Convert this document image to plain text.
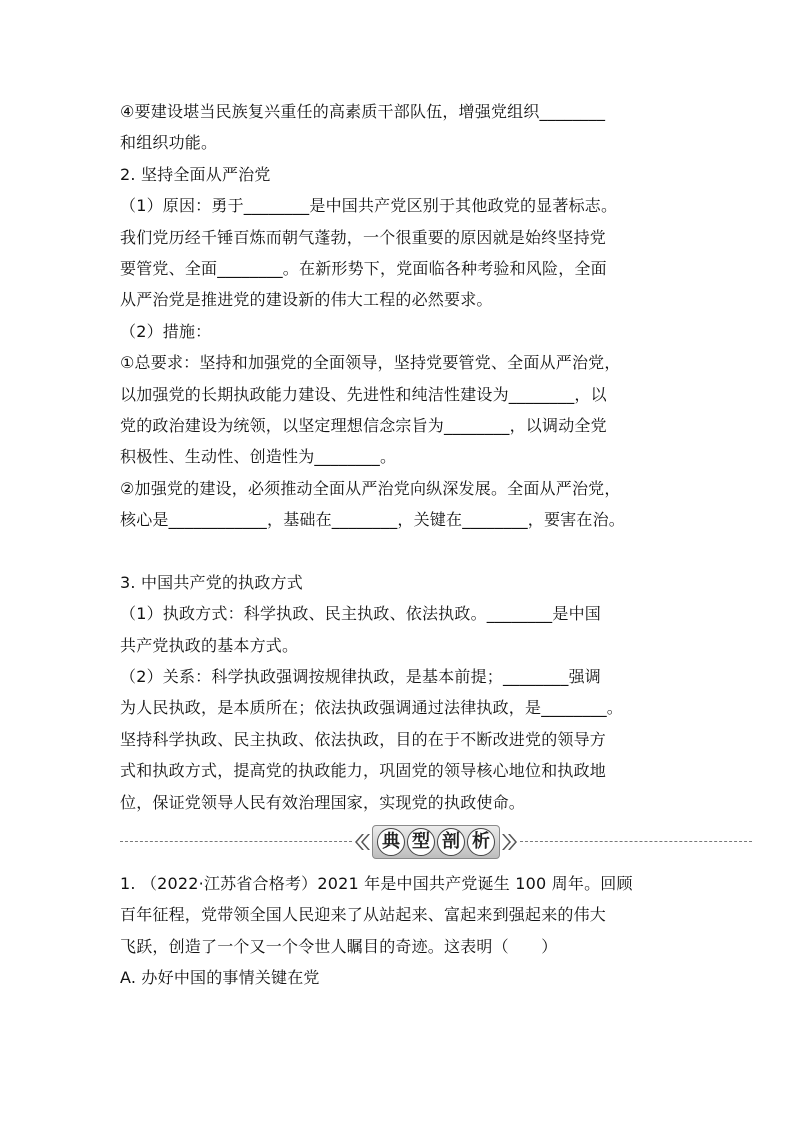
④要建设堪当民族复兴重任的高素质干部队伍，增强党组织________
和组织功能。
2. 坚持全面从严治党
（1）原因：勇于________是中国共产党区别于其他政党的显著标志。
我们党历经千锤百炼而朝气蓬勃，一个很重要的原因就是始终坚持党
要管党、全面________。在新形势下，党面临各种考验和风险，全面
从严治党是推进党的建设新的伟大工程的必然要求。
（2）措施：
①总要求：坚持和加强党的全面领导，坚持党要管党、全面从严治党，
以加强党的长期执政能力建设、先进性和纯洁性建设为________，以
党的政治建设为统领，以坚定理想信念宗旨为________，以调动全党
积极性、生动性、创造性为________。
②加强党的建设，必须推动全面从严治党向纵深发展。全面从严治党，
核心是____________，基础在________，关键在________，要害在治。
3. 中国共产党的执政方式
（1）执政方式：科学执政、民主执政、依法执政。________是中国
共产党执政的基本方式。
（2）关系：科学执政强调按规律执政，是基本前提；________强调
为人民执政，是本质所在；依法执政强调通过法律执政，是________。
坚持科学执政、民主执政、依法执政，目的在于不断改进党的领导方
式和执政方式，提高党的执政能力，巩固党的领导核心地位和执政地
位，保证党领导人民有效治理国家，实现党的执政使命。
典 型 剖 析
1. （2022·江苏省合格考）2021 年是中国共产党诞生 100 周年。回顾
百年征程，党带领全国人民迎来了从站起来、富起来到强起来的伟大
飞跃，创造了一个又一个令世人瞩目的奇迹。这表明（　　）
A. 办好中国的事情关键在党
